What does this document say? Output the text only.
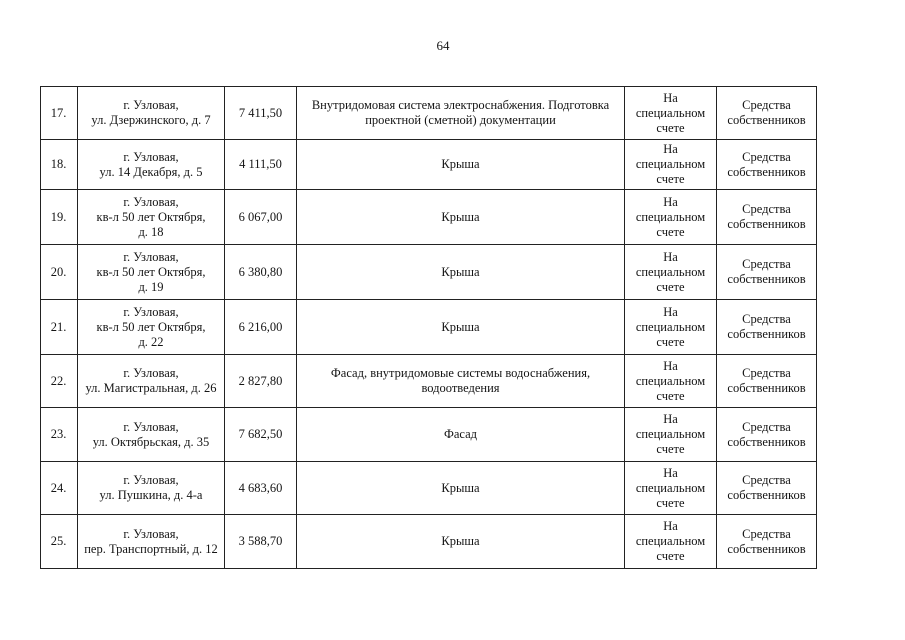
64
17.	г. Узловая,
ул. Дзержинского, д. 7	7 411,50	Внутридомовая система электроснабжения. Подготовка
проектной (сметной) документации	На
специальном
счете	Средства
собственников

18.	г. Узловая,
ул. 14 Декабря, д. 5	4 111,50	Крыша	На
специальном
счете	Средства
собственников

19.	г. Узловая,
кв-л 50 лет Октября,
д. 18	6 067,00	Крыша	На
специальном
счете	Средства
собственников

20.	г. Узловая,
кв-л 50 лет Октября,
д. 19	6 380,80	Крыша	На
специальном
счете	Средства
собственников

21.	г. Узловая,
кв-л 50 лет Октября,
д. 22	6 216,00	Крыша	На
специальном
счете	Средства
собственников

22.	г. Узловая,
ул. Магистральная, д. 26	2 827,80	Фасад, внутридомовые системы водоснабжения,
водоотведения	На
специальном
счете	Средства
собственников

23.	г. Узловая,
ул. Октябрьская, д. 35	7 682,50	Фасад	На
специальном
счете	Средства
собственников

24.	г. Узловая,
ул. Пушкина, д. 4-а	4 683,60	Крыша	На
специальном
счете	Средства
собственников

25.	г. Узловая,
пер. Транспортный, д. 12	3 588,70	Крыша	На
специальном
счете	Средства
собственников
